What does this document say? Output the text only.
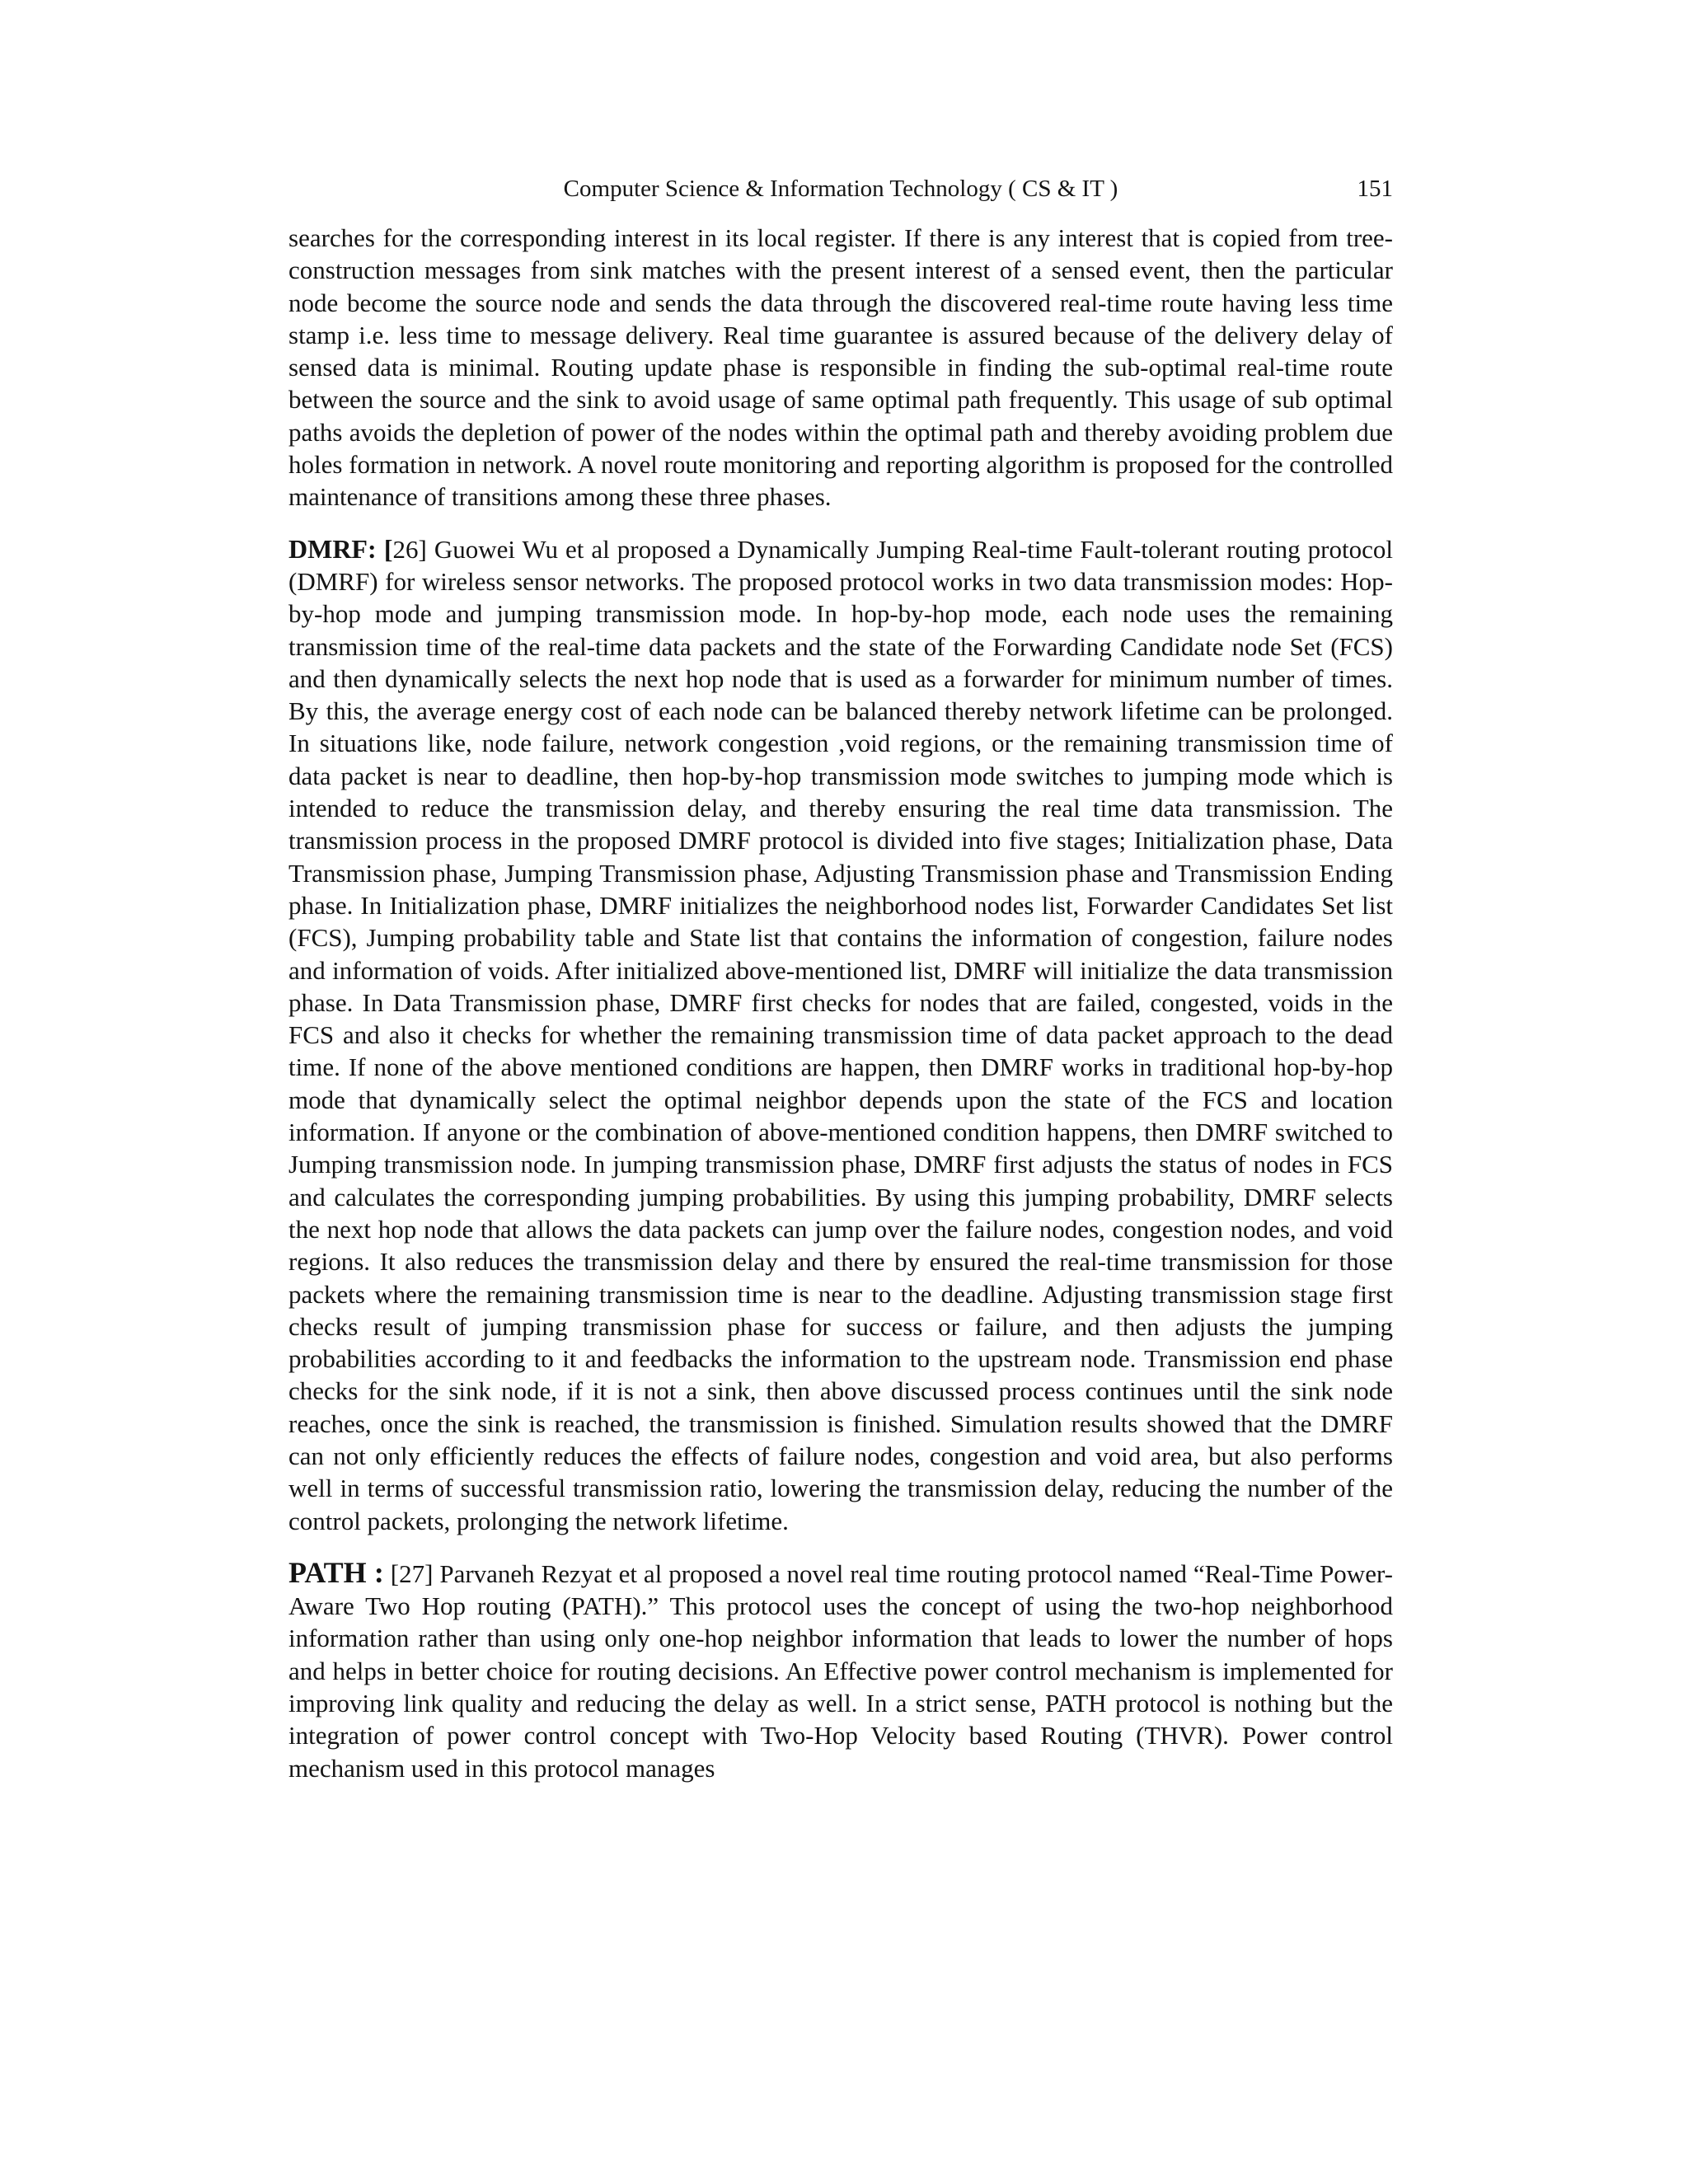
Computer Science & Information Technology ( CS & IT )	151

searches for the corresponding interest in its local register. If there is any interest that is copied from tree-construction messages from sink matches with the present interest of a sensed event, then the particular node become the source node and sends the data through the discovered real-time route having less time stamp i.e. less time to message delivery. Real time guarantee is assured because of the delivery delay of sensed data is minimal. Routing update phase is responsible in finding the sub-optimal real-time route between the source and the sink to avoid usage of same optimal path frequently. This usage of sub optimal paths avoids the depletion of power of the nodes within the optimal path and thereby avoiding problem due holes formation in network. A novel route monitoring and reporting algorithm is proposed for the controlled maintenance of transitions among these three phases.

DMRF: [26] Guowei Wu et al proposed a Dynamically Jumping Real-time Fault-tolerant routing protocol (DMRF) for wireless sensor networks. The proposed protocol works in two data transmission modes: Hop-by-hop mode and jumping transmission mode. In hop-by-hop mode, each node uses the remaining transmission time of the real-time data packets and the state of the Forwarding Candidate node Set (FCS) and then dynamically selects the next hop node that is used as a forwarder for minimum number of times. By this, the average energy cost of each node can be balanced thereby network lifetime can be prolonged. In situations like, node failure, network congestion ,void regions, or the remaining transmission time of data packet is near to deadline, then hop-by-hop transmission mode switches to jumping mode which is intended to reduce the transmission delay, and thereby ensuring the real time data transmission. The transmission process in the proposed DMRF protocol is divided into five stages; Initialization phase, Data Transmission phase, Jumping Transmission phase, Adjusting Transmission phase and Transmission Ending phase. In Initialization phase, DMRF initializes the neighborhood nodes list, Forwarder Candidates Set list (FCS), Jumping probability table and State list that contains the information of congestion, failure nodes and information of voids. After initialized above-mentioned list, DMRF will initialize the data transmission phase. In Data Transmission phase, DMRF first checks for nodes that are failed, congested, voids in the FCS and also it checks for whether the remaining transmission time of data packet approach to the dead time. If none of the above mentioned conditions are happen, then DMRF works in traditional hop-by-hop mode that dynamically select the optimal neighbor depends upon the state of the FCS and location information. If anyone or the combination of above-mentioned condition happens, then DMRF switched to Jumping transmission node. In jumping transmission phase, DMRF first adjusts the status of nodes in FCS and calculates the corresponding jumping probabilities. By using this jumping probability, DMRF selects the next hop node that allows the data packets can jump over the failure nodes, congestion nodes, and void regions. It also reduces the transmission delay and there by ensured the real-time transmission for those packets where the remaining transmission time is near to the deadline. Adjusting transmission stage first checks result of jumping transmission phase for success or failure, and then adjusts the jumping probabilities according to it and feedbacks the information to the upstream node. Transmission end phase checks for the sink node, if it is not a sink, then above discussed process continues until the sink node reaches, once the sink is reached, the transmission is finished. Simulation results showed that the DMRF can not only efficiently reduces the effects of failure nodes, congestion and void area, but also performs well in terms of successful transmission ratio, lowering the transmission delay, reducing the number of the control packets, prolonging the network lifetime.

PATH : [27] Parvaneh Rezyat et al proposed a novel real time routing protocol named “Real-Time Power-Aware Two Hop routing (PATH).” This protocol uses the concept of using the two-hop neighborhood information rather than using only one-hop neighbor information that leads to lower the number of hops and helps in better choice for routing decisions. An Effective power control mechanism is implemented for improving link quality and reducing the delay as well. In a strict sense, PATH protocol is nothing but the integration of power control concept with Two-Hop Velocity based Routing (THVR). Power control mechanism used in this protocol manages
